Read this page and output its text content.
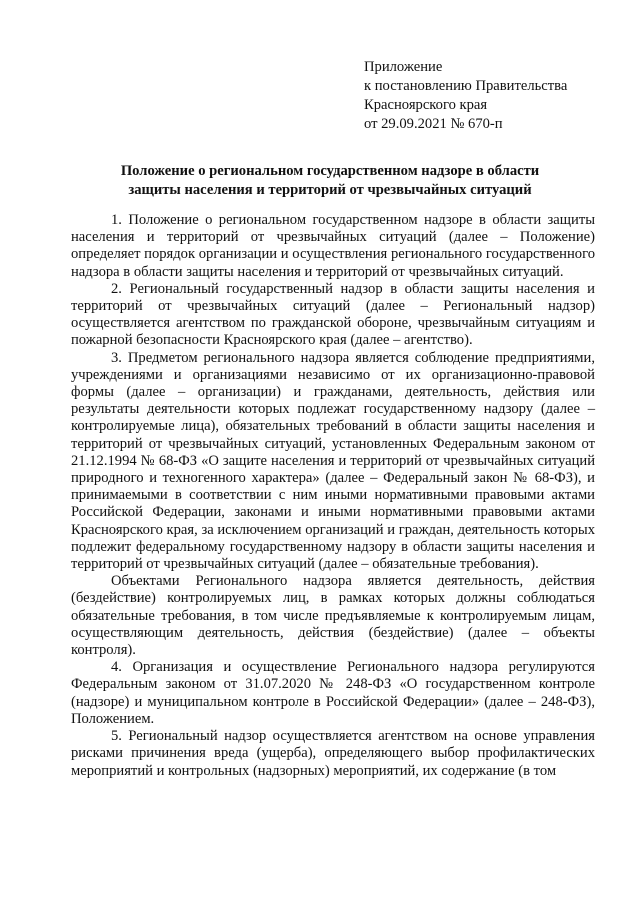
Приложение
к постановлению Правительства
Красноярского края
от 29.09.2021 № 670-п
Положение о региональном государственном надзоре в области
защиты населения и территорий от чрезвычайных ситуаций

1. Положение о региональном государственном надзоре в области защиты населения и территорий от чрезвычайных ситуаций (далее – Положение) определяет порядок организации и осуществления регионального государственного надзора в области защиты населения и территорий от чрезвычайных ситуаций.

2. Региональный государственный надзор в области защиты населения и территорий от чрезвычайных ситуаций (далее – Региональный надзор) осуществляется агентством по гражданской обороне, чрезвычайным ситуациям и пожарной безопасности Красноярского края (далее – агентство).

3. Предметом регионального надзора является соблюдение предприятиями, учреждениями и организациями независимо от их организационно-правовой формы (далее – организации) и гражданами, деятельность, действия или результаты деятельности которых подлежат государственному надзору (далее – контролируемые лица), обязательных требований в области защиты населения и территорий от чрезвычайных ситуаций, установленных Федеральным законом от 21.12.1994 № 68-ФЗ «О защите населения и территорий от чрезвычайных ситуаций природного и техногенного характера» (далее – Федеральный закон № 68-ФЗ), и принимаемыми в соответствии с ним иными нормативными правовыми актами Российской Федерации, законами и иными нормативными правовыми актами Красноярского края, за исключением организаций и граждан, деятельность которых подлежит федеральному государственному надзору в области защиты населения и территорий от чрезвычайных ситуаций (далее – обязательные требования).

Объектами Регионального надзора является деятельность, действия (бездействие) контролируемых лиц, в рамках которых должны соблюдаться обязательные требования, в том числе предъявляемые к контролируемым лицам, осуществляющим деятельность, действия (бездействие) (далее – объекты контроля).

4. Организация и осуществление Регионального надзора регулируются Федеральным законом от 31.07.2020 № 248-ФЗ «О государственном контроле (надзоре) и муниципальном контроле в Российской Федерации» (далее – 248-ФЗ), Положением.

5. Региональный надзор осуществляется агентством на основе управления рисками причинения вреда (ущерба), определяющего выбор профилактических мероприятий и контрольных (надзорных) мероприятий, их содержание (в том
